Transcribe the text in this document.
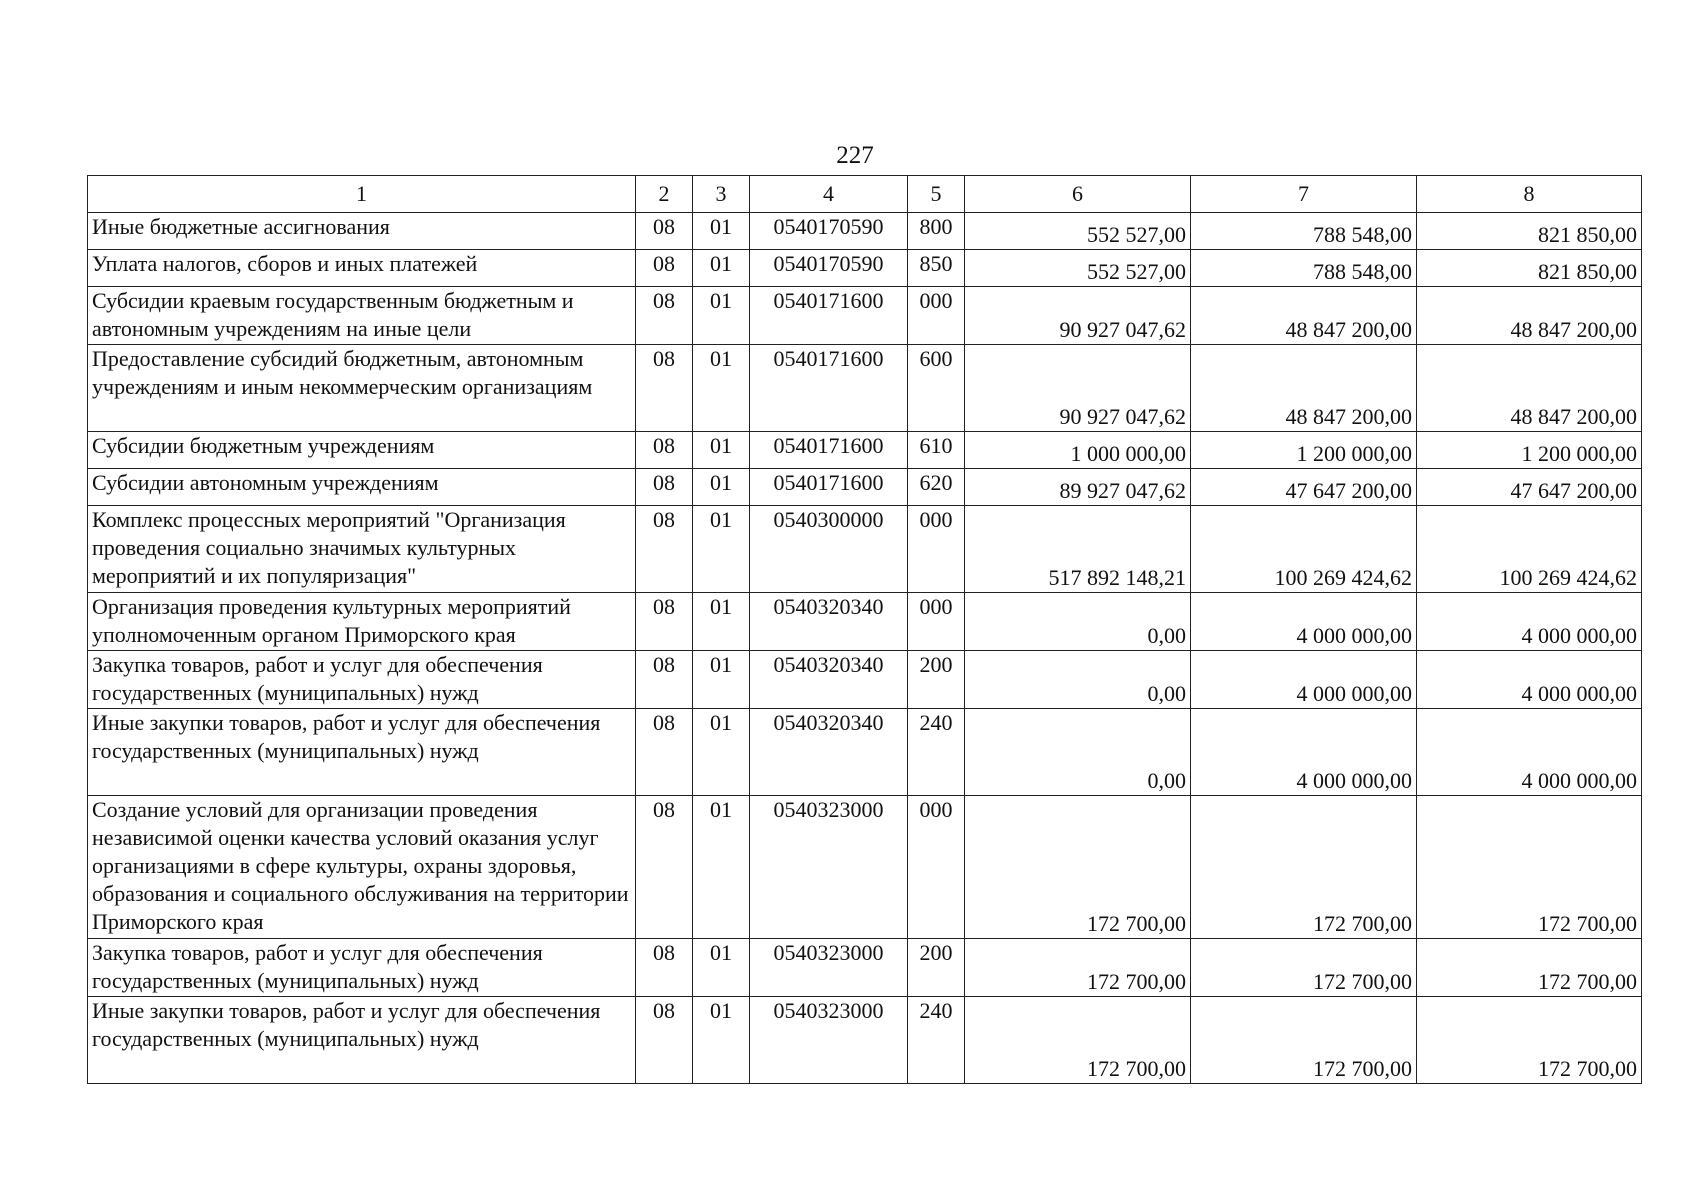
227
1	2	3	4	5	6	7	8
Иные бюджетные ассигнования	08	01	0540170590	800	552 527,00	788 548,00	821 850,00
Уплата налогов, сборов и иных платежей	08	01	0540170590	850	552 527,00	788 548,00	821 850,00
Субсидии краевым государственным бюджетным и автономным учреждениям на иные цели	08	01	0540171600	000	90 927 047,62	48 847 200,00	48 847 200,00
Предоставление субсидий бюджетным, автономным учреждениям и иным некоммерческим организациям	08	01	0540171600	600	90 927 047,62	48 847 200,00	48 847 200,00
Субсидии бюджетным учреждениям	08	01	0540171600	610	1 000 000,00	1 200 000,00	1 200 000,00
Субсидии автономным учреждениям	08	01	0540171600	620	89 927 047,62	47 647 200,00	47 647 200,00
Комплекс процессных мероприятий "Организация проведения социально значимых культурных мероприятий и их популяризация"	08	01	0540300000	000	517 892 148,21	100 269 424,62	100 269 424,62
Организация проведения культурных мероприятий уполномоченным органом Приморского края	08	01	0540320340	000	0,00	4 000 000,00	4 000 000,00
Закупка товаров, работ и услуг для обеспечения государственных (муниципальных) нужд	08	01	0540320340	200	0,00	4 000 000,00	4 000 000,00
Иные закупки товаров, работ и услуг для обеспечения государственных (муниципальных) нужд	08	01	0540320340	240	0,00	4 000 000,00	4 000 000,00
Создание условий для организации проведения независимой оценки качества условий оказания услуг организациями в сфере культуры, охраны здоровья, образования и социального обслуживания на территории Приморского края	08	01	0540323000	000	172 700,00	172 700,00	172 700,00
Закупка товаров, работ и услуг для обеспечения государственных (муниципальных) нужд	08	01	0540323000	200	172 700,00	172 700,00	172 700,00
Иные закупки товаров, работ и услуг для обеспечения государственных (муниципальных) нужд	08	01	0540323000	240	172 700,00	172 700,00	172 700,00
